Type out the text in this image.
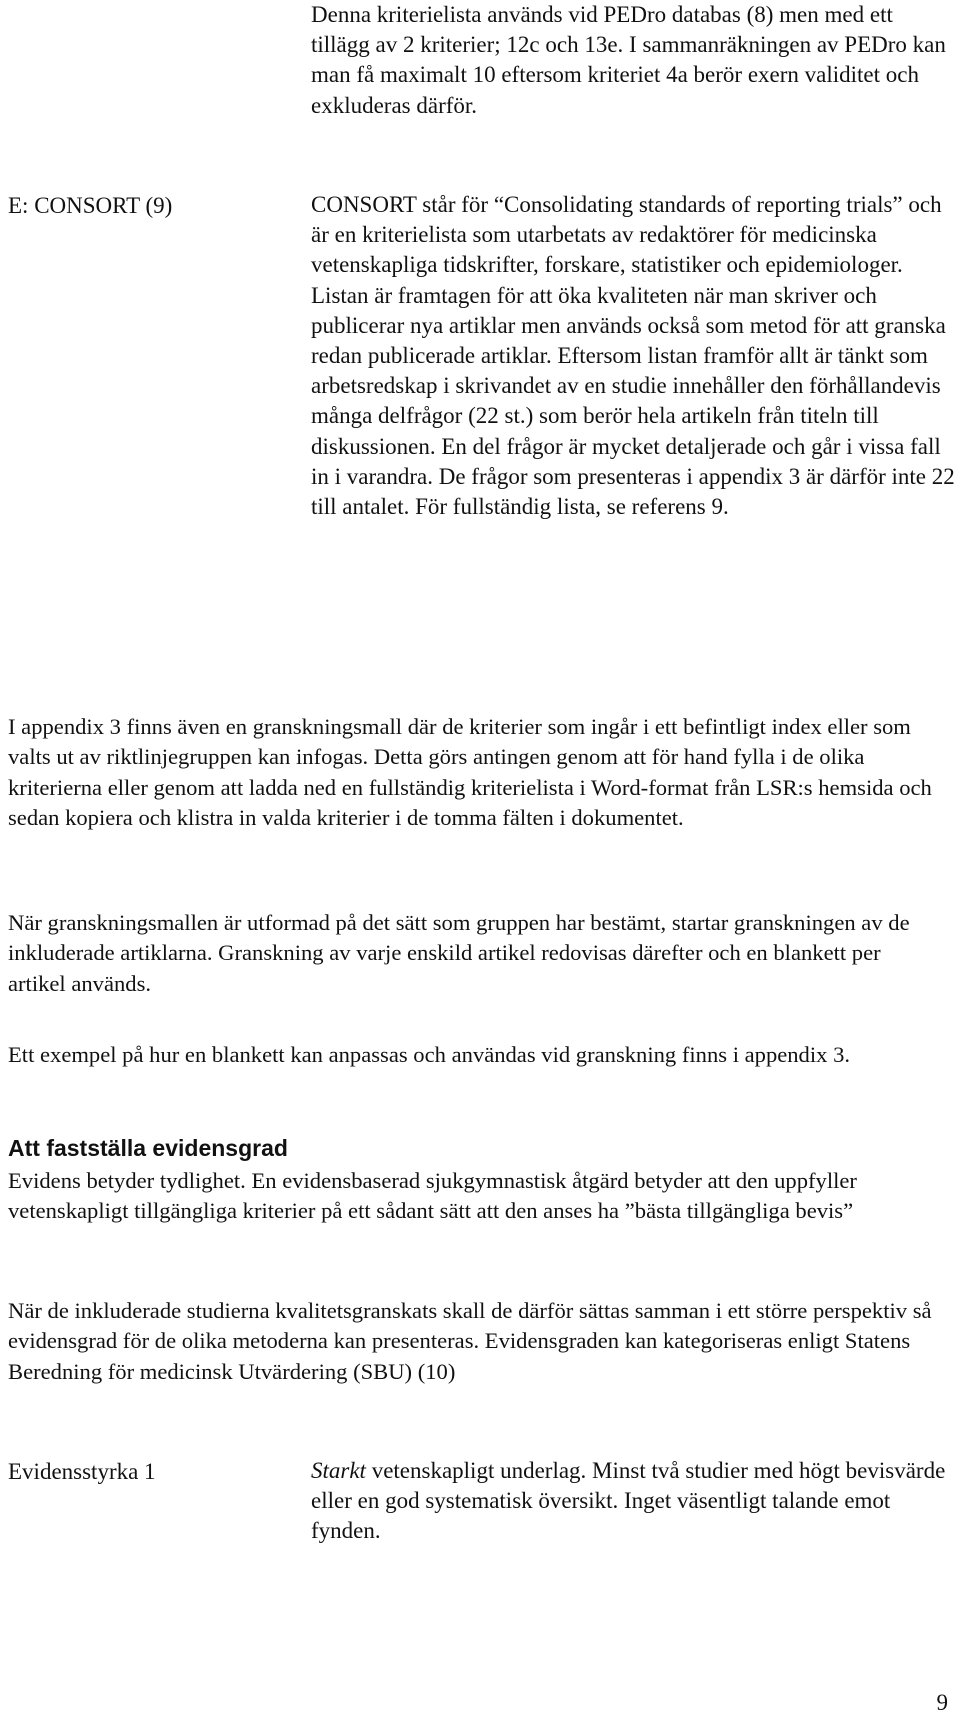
Denna kriterielista används vid PEDro databas (8) men med ett tillägg av 2 kriterier; 12c och 13e. I sammanräkningen av PEDro kan man få maximalt 10 eftersom kriteriet 4a berör exern validitet och exkluderas därför.
E: CONSORT (9)	CONSORT står för “Consolidating standards of reporting trials” och är en kriterielista som utarbetats av redaktörer för medicinska vetenskapliga tidskrifter, forskare, statistiker och epidemiologer. Listan är framtagen för att öka kvaliteten när man skriver och publicerar nya artiklar men används också som metod för att granska redan publicerade artiklar. Eftersom listan framför allt är tänkt som arbetsredskap i skrivandet av en studie innehåller den förhållandevis många delfrågor (22 st.) som berör hela artikeln från titeln till diskussionen. En del frågor är mycket detaljerade och går i vissa fall in i varandra. De frågor som presenteras i appendix 3 är därför inte 22 till antalet. För fullständig lista, se referens 9.
I appendix 3 finns även en granskningsmall där de kriterier som ingår i ett befintligt index eller som valts ut av riktlinjegruppen kan infogas. Detta görs antingen genom att för hand fylla i de olika kriterierna eller genom att ladda ned en fullständig kriterielista i Word-format från LSR:s hemsida och sedan kopiera och klistra in valda kriterier i de tomma fälten i dokumentet.
När granskningsmallen är utformad på det sätt som gruppen har bestämt, startar granskningen av de inkluderade artiklarna. Granskning av varje enskild artikel redovisas därefter och en blankett per artikel används.
Ett exempel på hur en blankett kan anpassas och användas vid granskning finns i appendix 3.
Att fastställa evidensgrad
Evidens betyder tydlighet. En evidensbaserad sjukgymnastisk åtgärd betyder att den uppfyller vetenskapligt tillgängliga kriterier på ett sådant sätt att den anses ha ”bästa tillgängliga bevis”
När de inkluderade studierna kvalitetsgranskats skall de därför sättas samman i ett större perspektiv så evidensgrad för de olika metoderna kan presenteras. Evidensgraden kan kategoriseras enligt Statens Beredning för medicinsk Utvärdering (SBU) (10)
Evidensstyrka 1	Starkt vetenskapligt underlag. Minst två studier med högt bevisvärde eller en god systematisk översikt. Inget väsentligt talande emot fynden.
9
